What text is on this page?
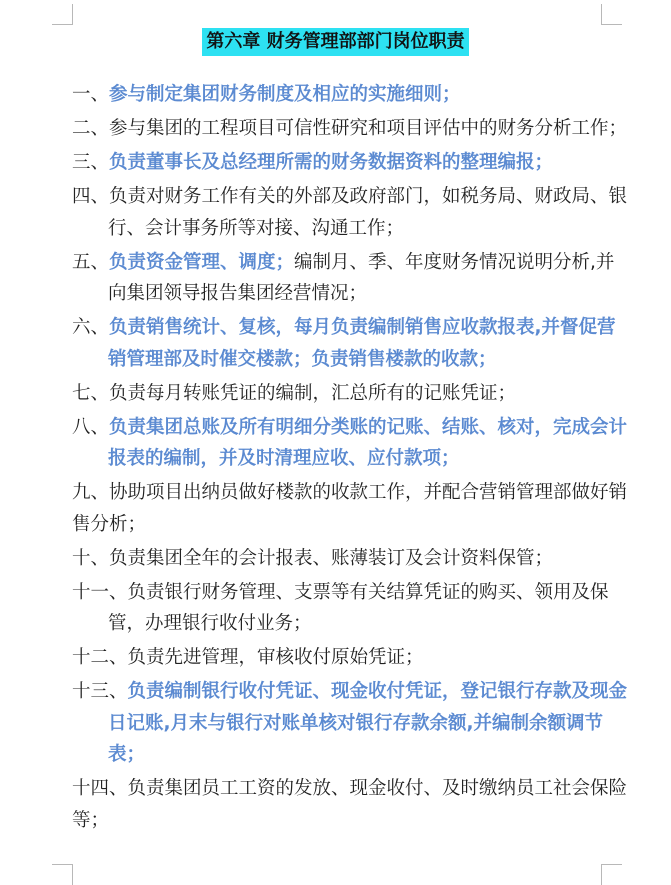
第六章 财务管理部部门岗位职责
一、参与制定集团财务制度及相应的实施细则；
二、参与集团的工程项目可信性研究和项目评估中的财务分析工作；
三、负责董事长及总经理所需的财务数据资料的整理编报；
四、负责对财务工作有关的外部及政府部门，如税务局、财政局、银行、会计事务所等对接、沟通工作；
五、负责资金管理、调度；编制月、季、年度财务情况说明分析,并向集团领导报告集团经营情况；
六、负责销售统计、复核，每月负责编制销售应收款报表,并督促营销管理部及时催交楼款；负责销售楼款的收款；
七、负责每月转账凭证的编制，汇总所有的记账凭证；
八、负责集团总账及所有明细分类账的记账、结账、核对，完成会计报表的编制，并及时清理应收、应付款项；
九、协助项目出纳员做好楼款的收款工作，并配合营销管理部做好销售分析；
十、负责集团全年的会计报表、账薄装订及会计资料保管；
十一、负责银行财务管理、支票等有关结算凭证的购买、领用及保管，办理银行收付业务；
十二、负责先进管理，审核收付原始凭证；
十三、负责编制银行收付凭证、现金收付凭证，登记银行存款及现金日记账,月末与银行对账单核对银行存款余额,并编制余额调节表；
十四、负责集团员工工资的发放、现金收付、及时缴纳员工社会保险等；
